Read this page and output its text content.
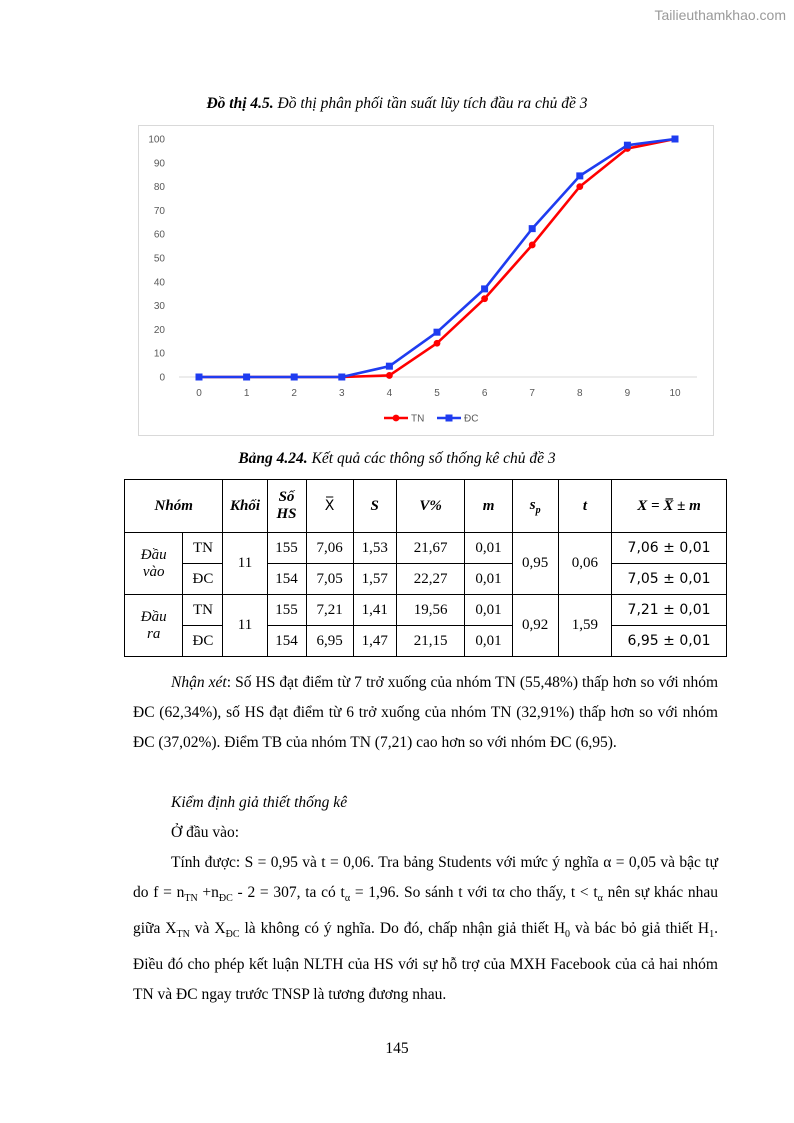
Tailieuthamkhao.com
Đồ thị 4.5. Đồ thị phân phối tần suất lũy tích đầu ra chủ đề 3
0
10
20
30
40
50
60
70
80
90
100
0	1	2	3	4	5	6	7	8	9	10
TN	ĐC
Bảng 4.24. Kết quả các thông số thống kê chủ đề 3
Nhóm		Khối	Số
HS	X̅	S	V%	m	$s_p$	t	X = X̅ ± m
Đầu
vào	TN	11	155	7,06	1,53	21,67	0,01	0,95	0,06	7,06 ± 0,01
	ĐC		154	7,05	1,57	22,27	0,01			7,05 ± 0,01
Đầu
ra	TN	11	155	7,21	1,41	19,56	0,01	0,92	1,59	7,21 ± 0,01
	ĐC		154	6,95	1,47	21,15	0,01			6,95 ± 0,01

Nhận xét: Số HS đạt điểm từ 7 trở xuống của nhóm TN (55,48%) thấp hơn so với nhóm ĐC (62,34%), số HS đạt điểm từ 6 trở xuống của nhóm TN (32,91%) thấp hơn so với nhóm ĐC (37,02%). Điểm TB của nhóm TN (7,21) cao hơn so với nhóm ĐC (6,95).

Kiểm định giả thiết thống kê

Ở đầu vào:

Tính được: S = 0,95 và t = 0,06. Tra bảng Students với mức ý nghĩa α = 0,05 và bậc tự do $f = n_{TN} +n_{ĐC} - 2 = 307$, ta có $t_\alpha = 1,96$. So sánh t với tα cho thấy, $t < t_\alpha$ nên sự khác nhau giữa $X_{TN}$ và $X_{ĐC}$ là không có ý nghĩa. Do đó, chấp nhận giả thiết $H_0$ và bác bỏ giả thiết $H_1$. Điều đó cho phép kết luận NLTH của HS với sự hỗ trợ của MXH Facebook của cả hai nhóm TN và ĐC ngay trước TNSP là tương đương nhau.

145
